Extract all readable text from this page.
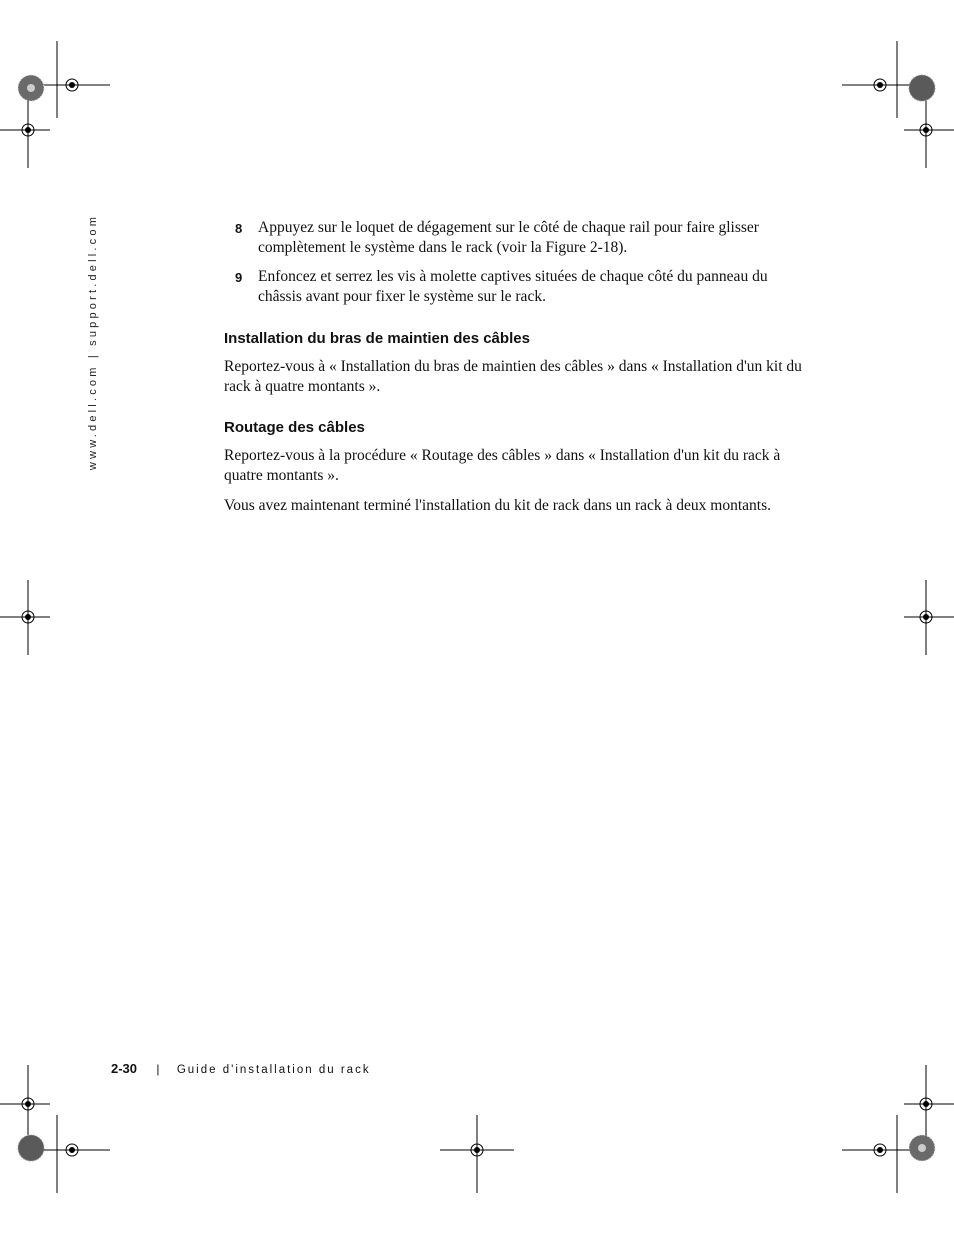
www.dell.com | support.dell.com	8 Appuyez sur le loquet de dégagement sur le côté de chaque rail pour faire glisser complètement le système dans le rack (voir la Figure 2-18).
9 Enfoncez et serrez les vis à molette captives situées de chaque côté du panneau du châssis avant pour fixer le système sur le rack.
Installation du bras de maintien des câbles

Reportez-vous à « Installation du bras de maintien des câbles » dans « Installation d'un kit du rack à quatre montants ».

Routage des câbles

Reportez-vous à la procédure « Routage des câbles » dans « Installation d'un kit du rack à quatre montants ».

Vous avez maintenant terminé l'installation du kit de rack dans un rack à deux montants.

2-30 | Guide d'installation du rack
